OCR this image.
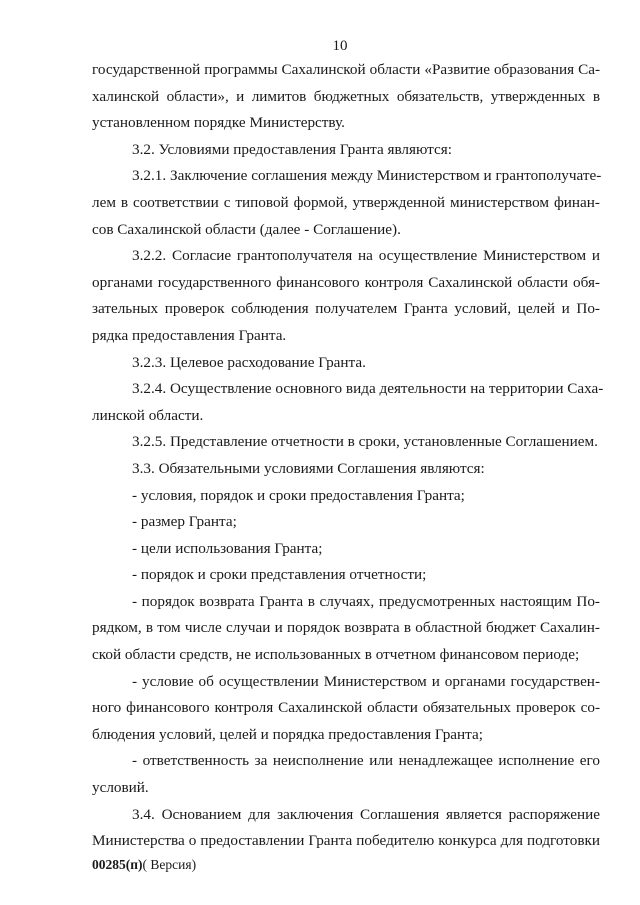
10
государственной программы Сахалинской области «Развитие образования Са-
халинской области», и лимитов бюджетных обязательств, утвержденных в
установленном порядке Министерству.
3.2. Условиями предоставления Гранта являются:
3.2.1. Заключение соглашения между Министерством и грантополучате-
лем в соответствии с типовой формой, утвержденной министерством финан-
сов Сахалинской области (далее - Соглашение).
3.2.2. Согласие грантополучателя на осуществление Министерством и
органами государственного финансового контроля Сахалинской области обя-
зательных проверок соблюдения получателем Гранта условий, целей и По-
рядка предоставления Гранта.
3.2.3. Целевое расходование Гранта.
3.2.4. Осуществление основного вида деятельности на территории Саха-
линской области.
3.2.5. Представление отчетности в сроки, установленные Соглашением.
3.3. Обязательными условиями Соглашения являются:
- условия, порядок и сроки предоставления Гранта;
- размер Гранта;
- цели использования Гранта;
- порядок и сроки представления отчетности;
- порядок возврата Гранта в случаях, предусмотренных настоящим По-
рядком, в том числе случаи и порядок возврата в областной бюджет Сахалин-
ской области средств, не использованных в отчетном финансовом периоде;
- условие об осуществлении Министерством и органами государствен-
ного финансового контроля Сахалинской области обязательных проверок со-
блюдения условий, целей и порядка предоставления Гранта;
- ответственность за неисполнение или ненадлежащее исполнение его
условий.
3.4. Основанием для заключения Соглашения является распоряжение
Министерства о предоставлении Гранта победителю конкурса для подготовки
00285(п)( Версия)
